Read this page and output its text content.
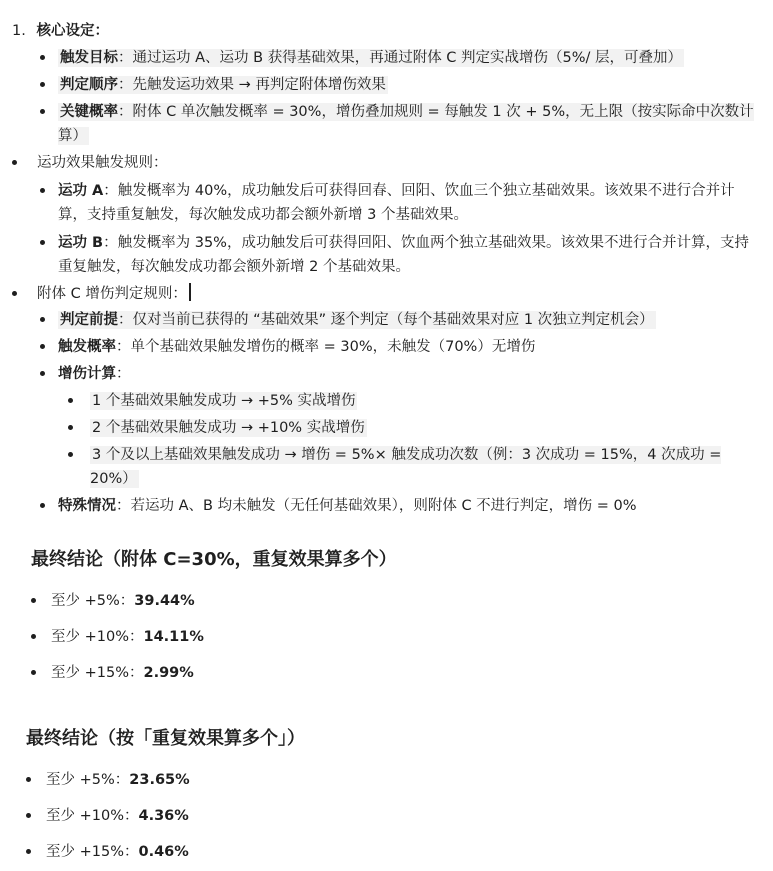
1. 核心设定：
触发目标：通过运功 A、运功 B 获得基础效果，再通过附体 C 判定实战增伤（5%/ 层，可叠加）
判定顺序：先触发运功效果 → 再判定附体增伤效果
关键概率：附体 C 单次触发概率 = 30%，增伤叠加规则 = 每触发 1 次 + 5%，无上限（按实际命中次数计算）
运功效果触发规则：
运功 A：触发概率为 40%，成功触发后可获得回春、回阳、饮血三个独立基础效果。该效果不进行合并计算，支持重复触发，每次触发成功都会额外新增 3 个基础效果。
运功 B：触发概率为 35%，成功触发后可获得回阳、饮血两个独立基础效果。该效果不进行合并计算，支持重复触发，每次触发成功都会额外新增 2 个基础效果。
附体 C 增伤判定规则：
判定前提：仅对当前已获得的 “基础效果” 逐个判定（每个基础效果对应 1 次独立判定机会）
触发概率：单个基础效果触发增伤的概率 = 30%，未触发（70%）无增伤
增伤计算：
1 个基础效果触发成功 → +5% 实战增伤
2 个基础效果触发成功 → +10% 实战增伤
3 个及以上基础效果触发成功 → 增伤 = 5%× 触发成功次数（例：3 次成功 = 15%，4 次成功 = 20%）
特殊情况：若运功 A、B 均未触发（无任何基础效果），则附体 C 不进行判定，增伤 = 0%
最终结论（附体 C=30%，重复效果算多个）
至少 +5%：39.44%
至少 +10%：14.11%
至少 +15%：2.99%
最终结论（按「重复效果算多个」）
至少 +5%：23.65%
至少 +10%：4.36%
至少 +15%：0.46%
